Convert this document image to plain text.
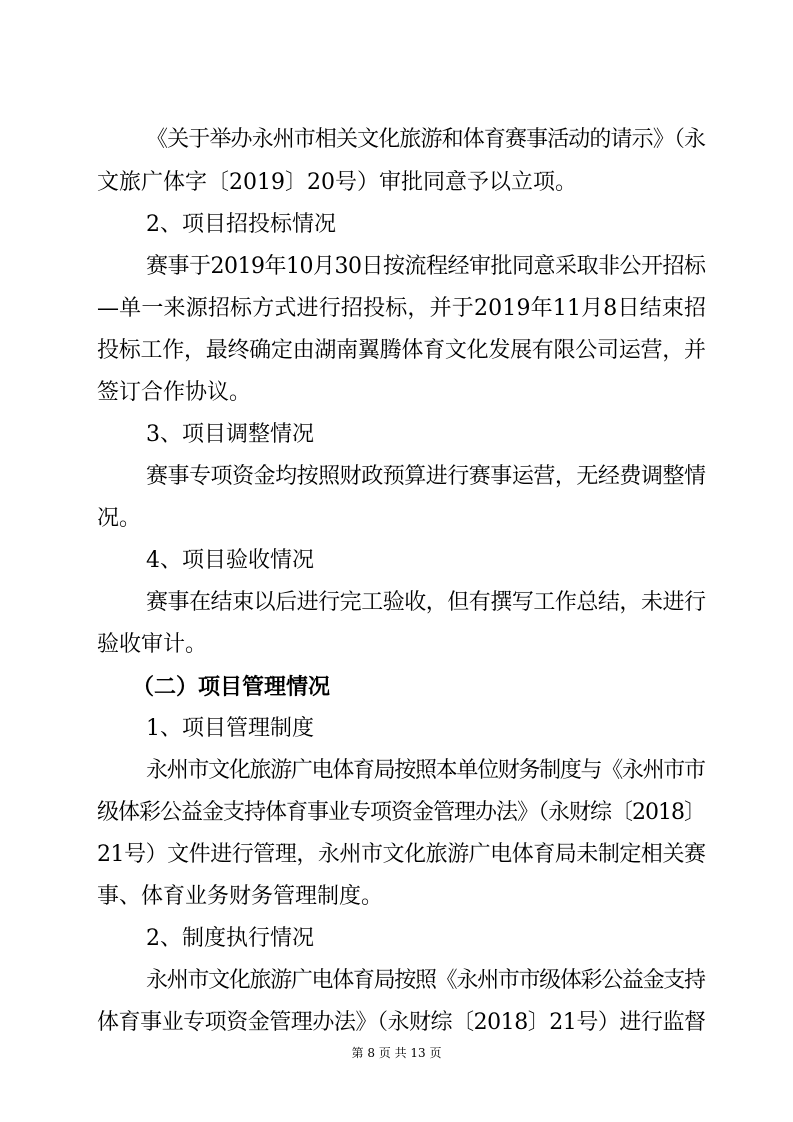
《关于举办永州市相关文化旅游和体育赛事活动的请示》（永
文旅广体字〔2019〕20号）审批同意予以立项。
2、项目招投标情况
赛事于2019年10月30日按流程经审批同意采取非公开招标
—单一来源招标方式进行招投标，并于2019年11月8日结束招
投标工作，最终确定由湖南翼腾体育文化发展有限公司运营，并
签订合作协议。
3、项目调整情况
赛事专项资金均按照财政预算进行赛事运营，无经费调整情
况。
4、项目验收情况
赛事在结束以后进行完工验收，但有撰写工作总结，未进行
验收审计。
（二）项目管理情况
1、项目管理制度
永州市文化旅游广电体育局按照本单位财务制度与《永州市市
级体彩公益金支持体育事业专项资金管理办法》（永财综〔2018〕
21号）文件进行管理，永州市文化旅游广电体育局未制定相关赛
事、体育业务财务管理制度。
2、制度执行情况
永州市文化旅游广电体育局按照《永州市市级体彩公益金支持
体育事业专项资金管理办法》（永财综〔2018〕21号）进行监督
第 8 页 共 13 页
